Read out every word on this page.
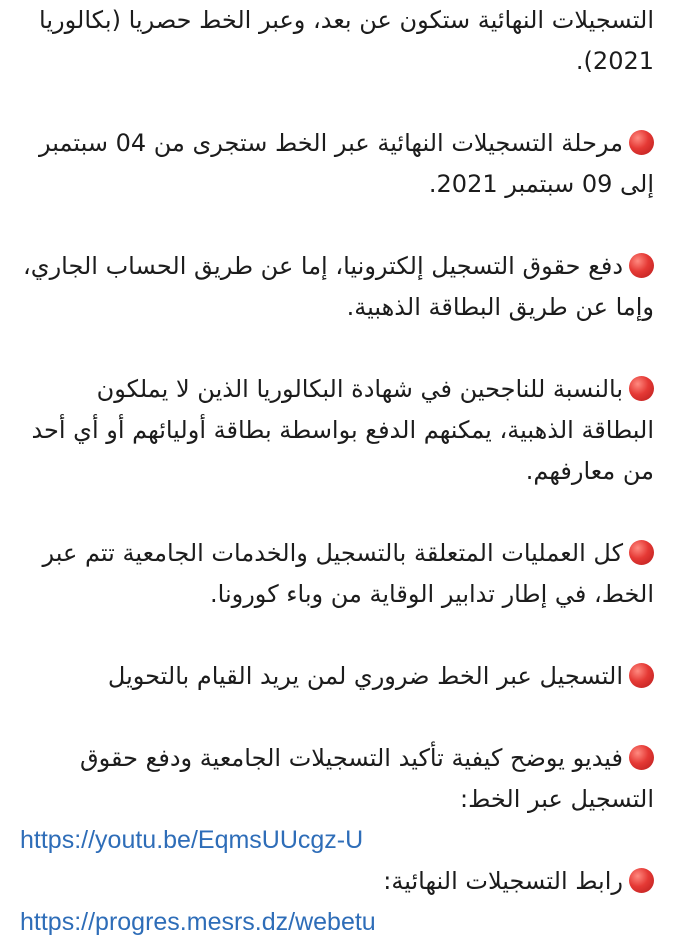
التسجيلات النهائية ستكون عن بعد، وعبر الخط حصريا (بكالوريا 2021).

مرحلة التسجيلات النهائية عبر الخط ستجرى من 04 سبتمبر إلى 09 سبتمبر 2021.

دفع حقوق التسجيل إلكترونيا، إما عن طريق الحساب الجاري، وإما عن طريق البطاقة الذهبية.

بالنسبة للناجحين في شهادة البكالوريا الذين لا يملكون البطاقة الذهبية، يمكنهم الدفع بواسطة بطاقة أوليائهم أو أي أحد من معارفهم.

كل العمليات المتعلقة بالتسجيل والخدمات الجامعية تتم عبر الخط، في إطار تدابير الوقاية من وباء كورونا.

التسجيل عبر الخط ضروري لمن يريد القيام بالتحويل

فيديو يوضح كيفية تأكيد التسجيلات الجامعية ودفع حقوق التسجيل عبر الخط:

https://youtu.be/EqmsUUcgz-U

رابط التسجيلات النهائية:

https://progres.mesrs.dz/webetu
